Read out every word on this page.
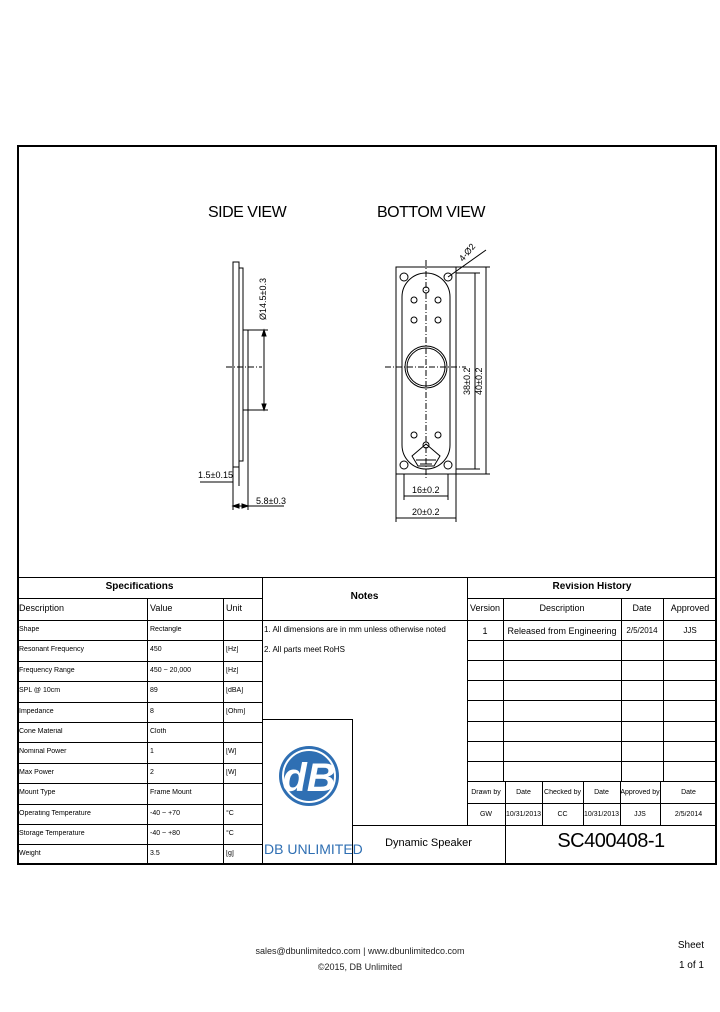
SIDE VIEW	BOTTOM VIEW
Ø14.5±0.3
1.5±0.15
5.8±0.3
4-Ø2
38±0.2 40±0.2
16±0.2
20±0.2
Specifications
Description	Value	Unit
Notes
1. All dimensions are in mm unless otherwise noted
2. All parts meet RoHS
Revision History
Version	Description	Date	Approved
1	Released from Engineering	2/5/2014	JJS
Drawn by	Date	Checked by	Date	Approved by	Date
GW	10/31/2013	CC	10/31/2013	JJS	2/5/2014
Dynamic Speaker	SC400408-1
dB
DB UNLIMITED
Shape	Rectangle
Resonant Frequency	450	[Hz]
Frequency Range	450 ~ 20,000	[Hz]
SPL @ 10cm	89	[dBA]
Impedance	8	[Ohm]
Cone Material	Cloth
Nominal Power	1	[W]
Max Power	2	[W]
Mount Type	Frame Mount
Operating Temperature	-40 ~ +70	°C
Storage Temperature	-40 ~ +80	°C
Weight	3.5	[g]
sales@dbunlimitedco.com | www.dbunlimitedco.com
©2015, DB Unlimited
Sheet
1 of 1
